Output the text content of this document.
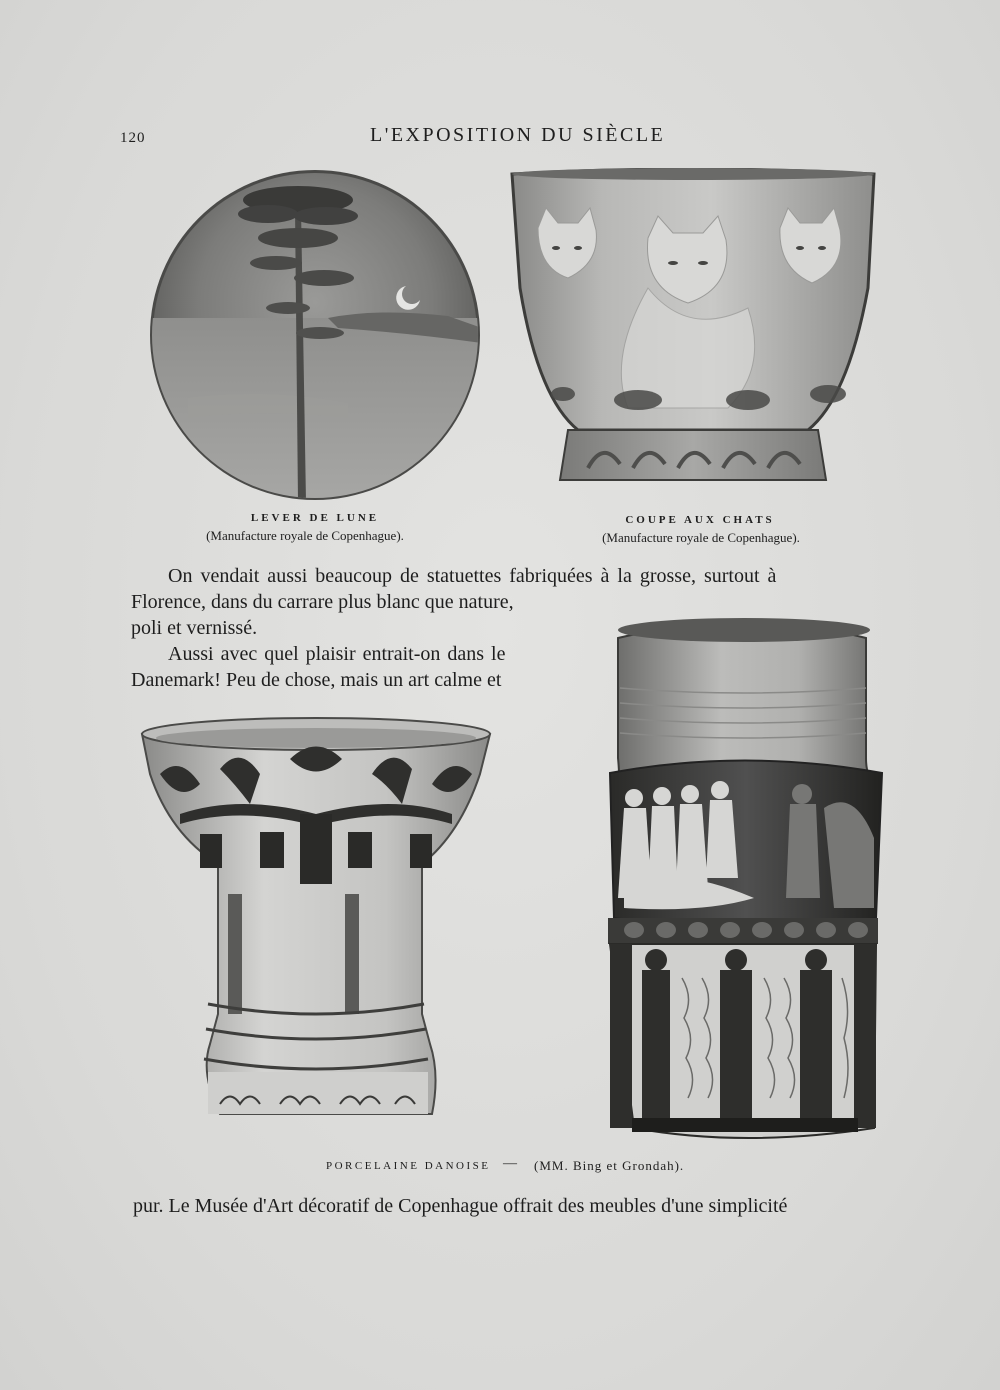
120	L'EXPOSITION DU SIÈCLE
LEVER DE LUNE
(Manufacture royale de Copenhague).
COUPE AUX CHATS
(Manufacture royale de Copenhague).
On vendait aussi beaucoup de statuettes fabriquées à la grosse, surtout à
Florence, dans du carrare plus blanc que nature,
poli et vernissé.
Aussi avec quel plaisir entrait-on dans le
Danemark! Peu de chose, mais un art calme et
PORCELAINE DANOISE — (MM. Bing et Grondah).
pur. Le Musée d'Art décoratif de Copenhague offrait des meubles d'une simplicité
